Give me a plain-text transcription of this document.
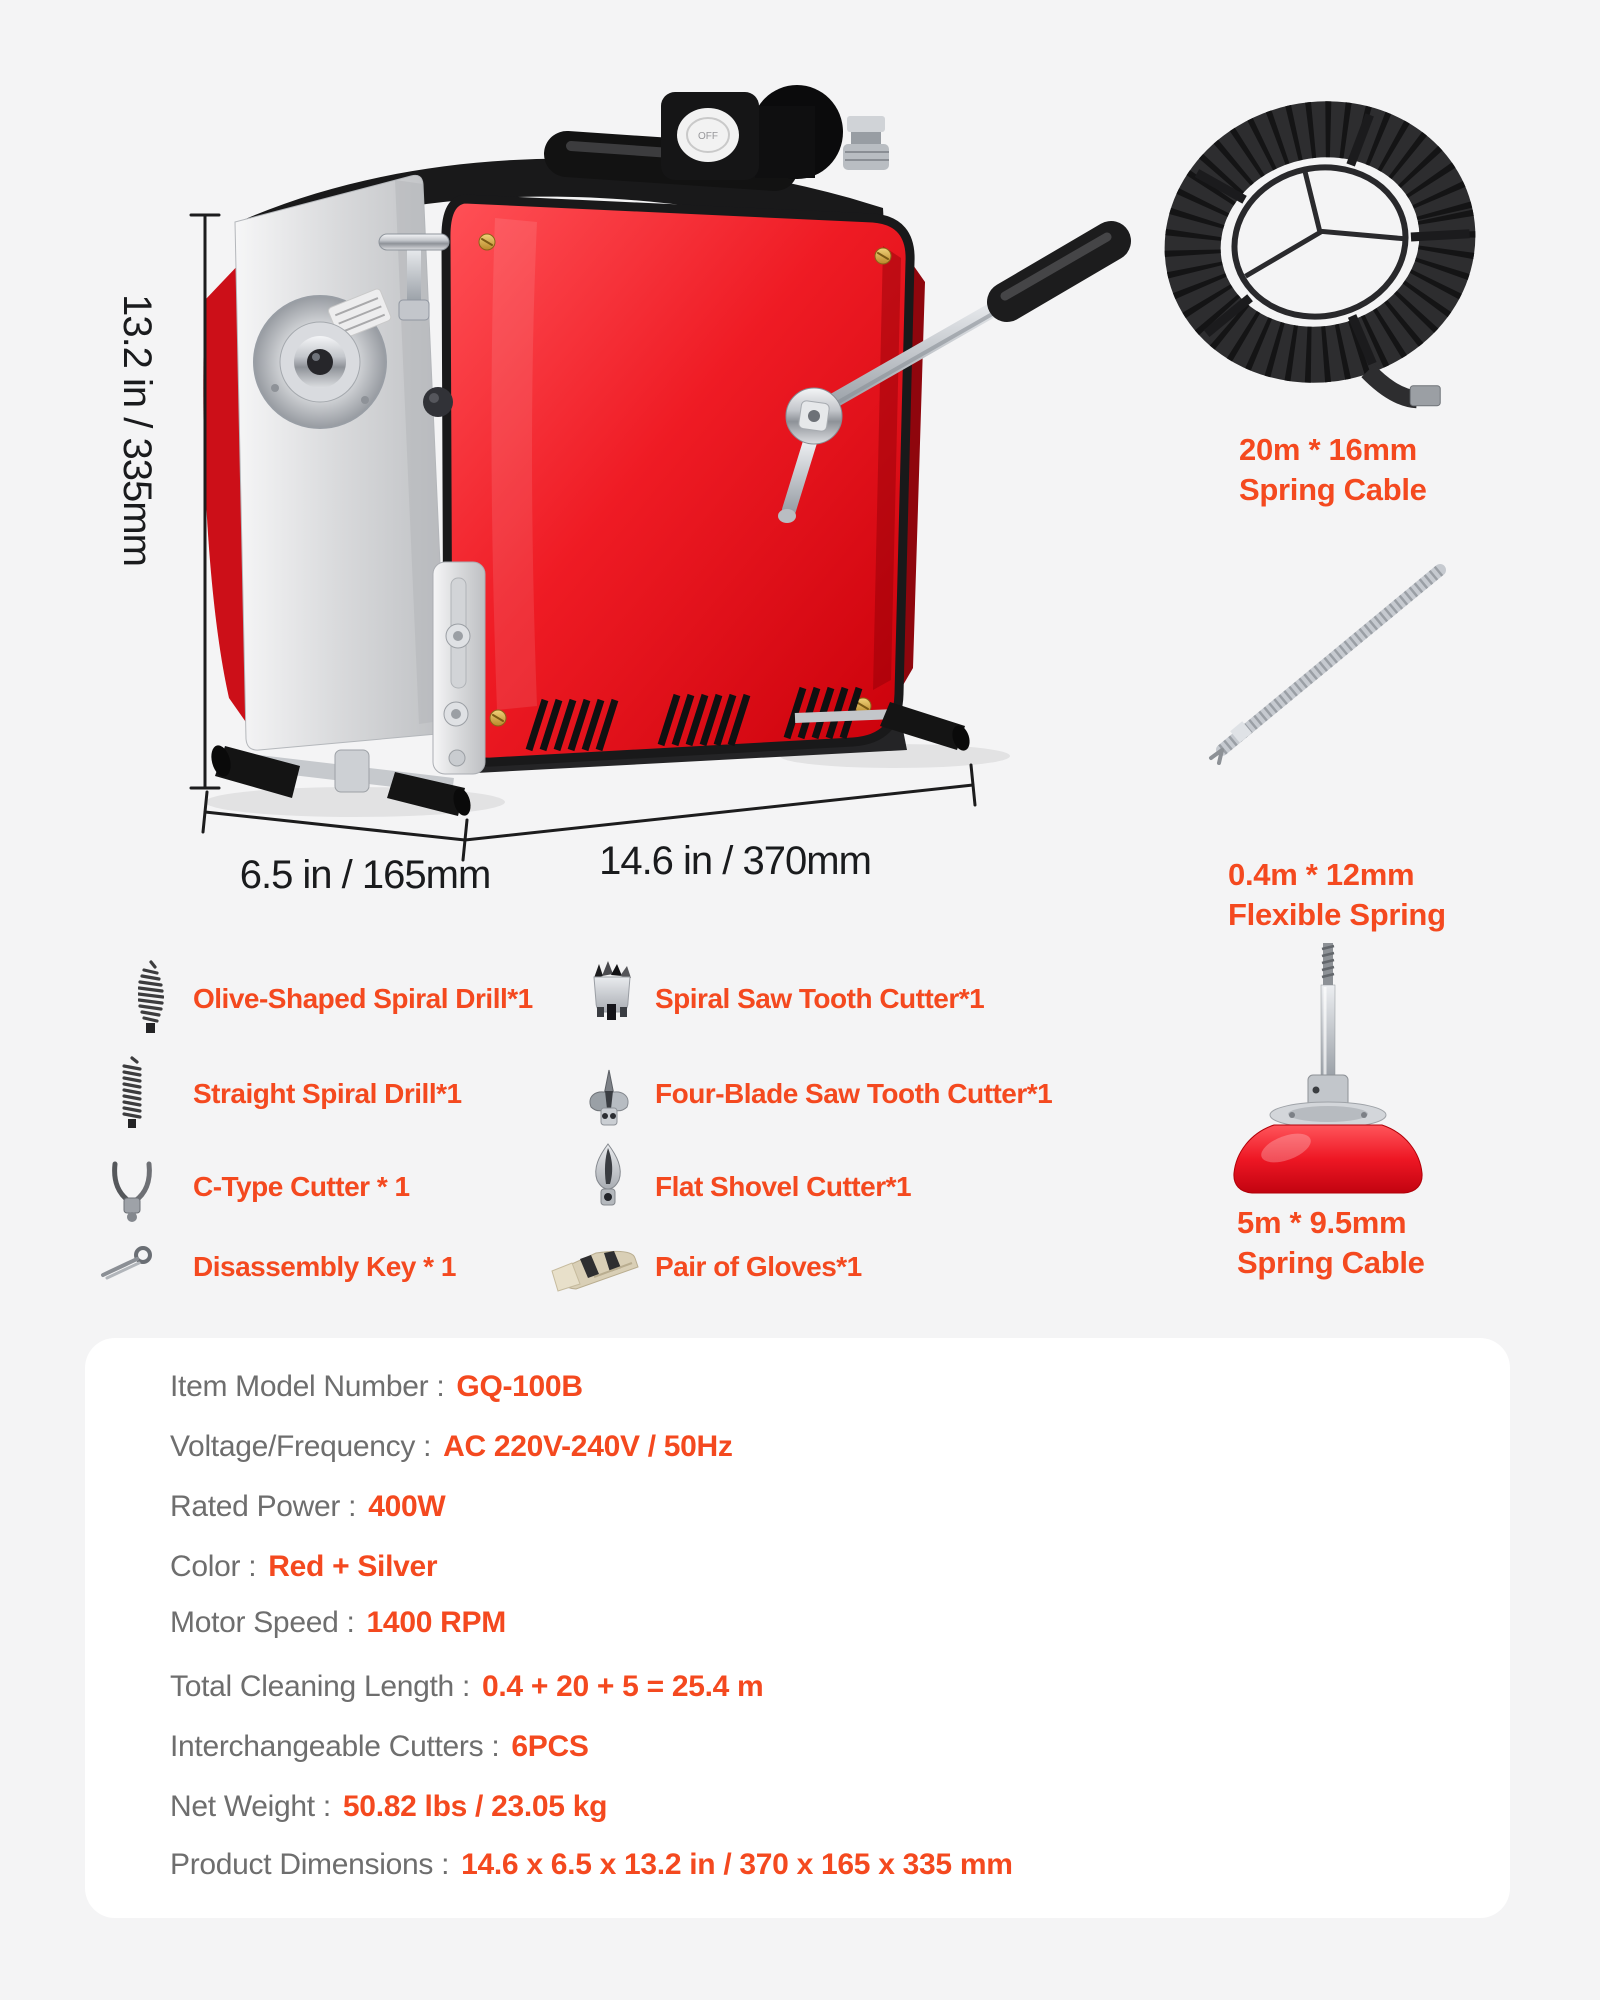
OFF
13.2 in / 335mm
6.5 in / 165mm	14.6 in / 370mm
20m * 16mm
Spring Cable
0.4m * 12mm
Flexible Spring
5m * 9.5mm
Spring Cable
Olive-Shaped Spiral Drill*1
Straight Spiral Drill*1
C-Type Cutter * 1
Disassembly Key * 1
Spiral Saw Tooth Cutter*1
Four-Blade Saw Tooth Cutter*1
Flat Shovel Cutter*1
Pair of Gloves*1
Item Model Number : GQ-100B
Voltage/Frequency : AC 220V-240V / 50Hz
Rated Power : 400W
Color : Red + Silver
Motor Speed : 1400 RPM
Total Cleaning Length : 0.4 + 20 + 5 = 25.4 m
Interchangeable Cutters : 6PCS
Net Weight : 50.82 lbs / 23.05 kg
Product Dimensions : 14.6 x 6.5 x 13.2 in / 370 x 165 x 335 mm
